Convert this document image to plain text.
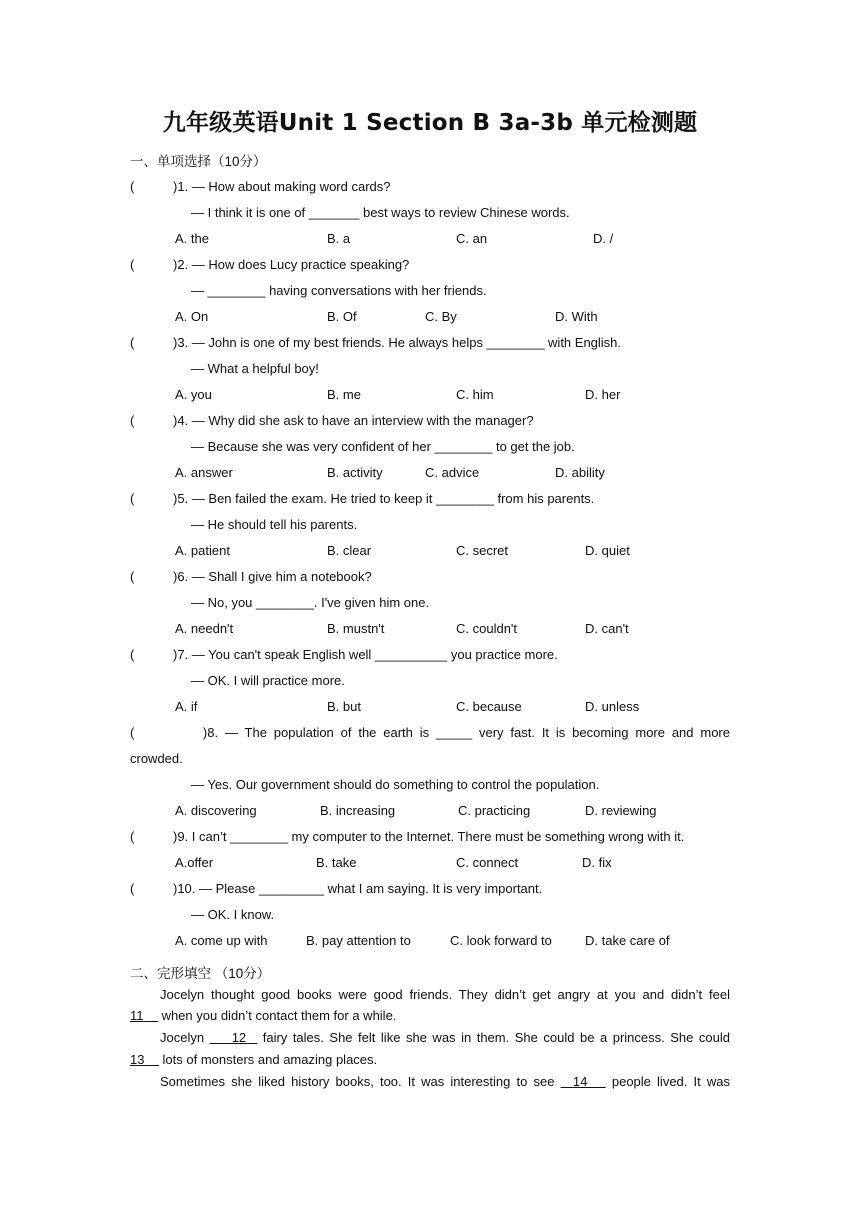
九年级英语Unit 1 Section B 3a-3b 单元检测题
一、单项选择（10分）
(	)1. — How about making word cards?
— I think it is one of _______ best ways to review Chinese words.
A. the	B. a	C. an	D. /
(	)2. — How does Lucy practice speaking?
— ________ having conversations with her friends.
A. On	B. Of	C. By	D. With
(	)3. — John is one of my best friends. He always helps ________ with English.
— What a helpful boy!
A. you	B. me	C. him	D. her
(	)4. — Why did she ask to have an interview with the manager?
— Because she was very confident of her ________ to get the job.
A. answer	B. activity	C. advice	D. ability
(	)5. — Ben failed the exam. He tried to keep it ________ from his parents.
— He should tell his parents.
A. patient	B. clear	C. secret	D. quiet
(	)6. — Shall I give him a notebook?
— No, you ________. I've given him one.
A. needn't	B. mustn't	C. couldn't	D. can't
(	)7. — You can't speak English well __________ you practice more.
— OK. I will practice more.
A. if	B. but	C. because	D. unless
(	)8. — The population of the earth is _____ very fast. It is becoming more and more
crowded.
— Yes. Our government should do something to control the population.
A. discovering	B. increasing	C. practicing	D. reviewing
(	)9. I can’t ________ my computer to the Internet. There must be something wrong with it.
A.offer	B. take	C. connect	D. fix
(	)10. — Please _________ what I am saying. It is very important.
— OK. I know.
A. come up with	B. pay attention to	C. look forward to	D. take care of
二、完形填空 （10分）
Jocelyn thought good books were good friends. They didn’t get angry at you and didn’t feel
11     when you didn’t contact them for a while.
Jocelyn     12   fairy tales. She felt like she was in them. She could be a princess. She could
13     lots of monsters and amazing places.
Sometimes she liked history books, too. It was interesting to see   14    people lived. It was
